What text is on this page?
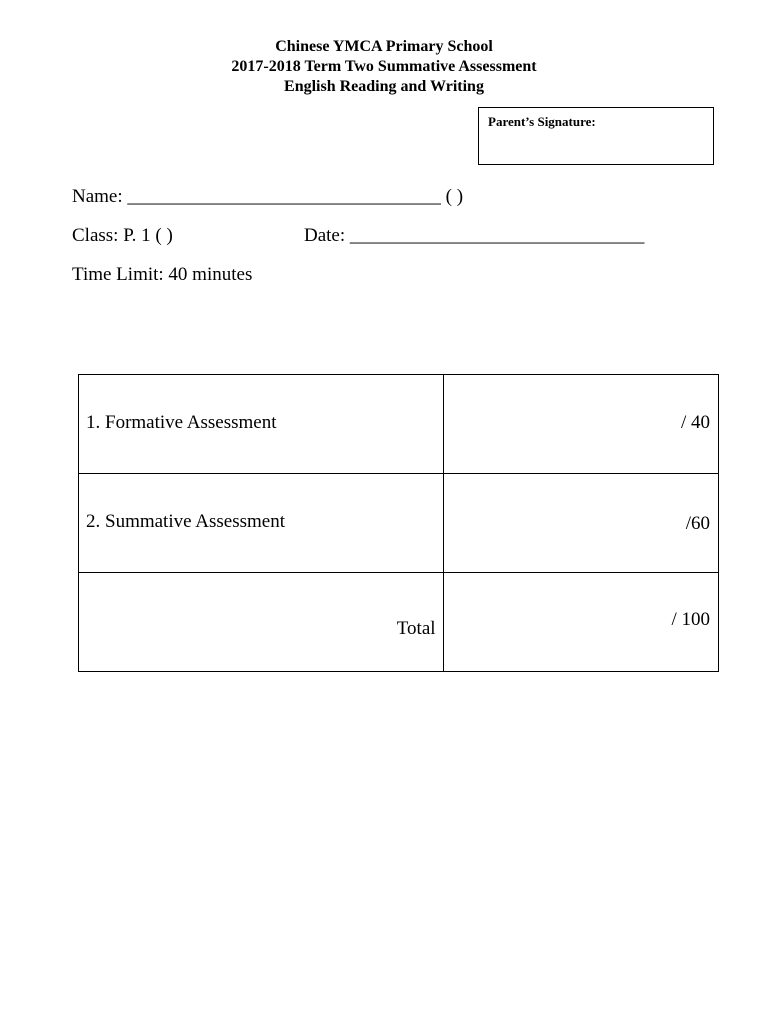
Chinese YMCA Primary School
2017-2018 Term Two Summative Assessment
English Reading and Writing
Parent’s Signature:
Name: _________________________________ ( )
Class: P. 1 ( )	Date: _______________________________
Time Limit: 40 minutes
1. Formative Assessment	/ 40

2. Summative Assessment	/60

Total	/ 100
